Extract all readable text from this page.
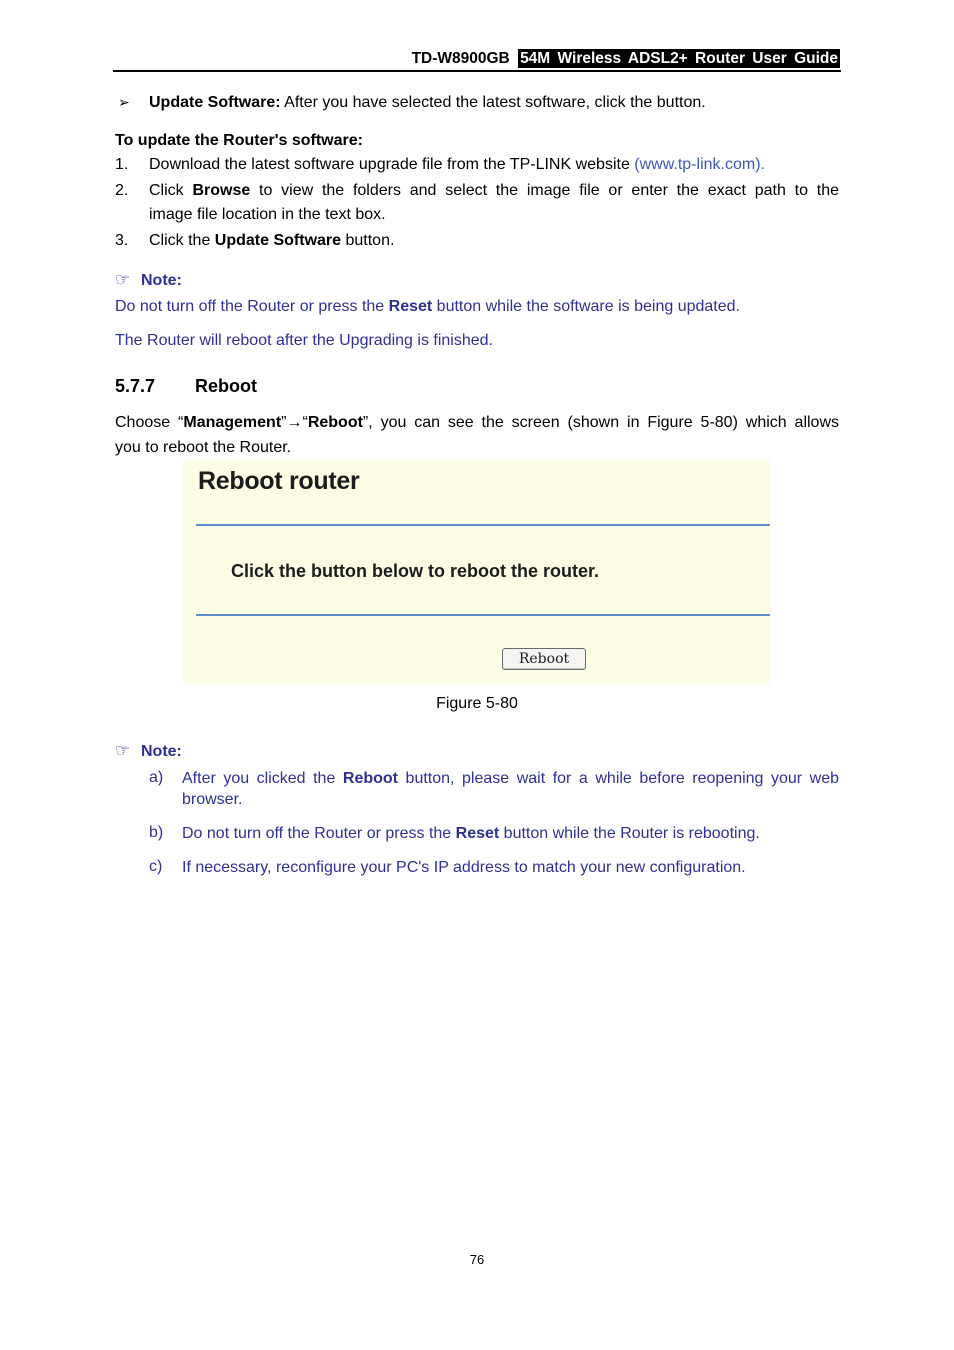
TD-W8900GB 54M Wireless ADSL2+ Router User Guide
➢ Update Software: After you have selected the latest software, click the button.
To update the Router's software:
1.	Download the latest software upgrade file from the TP-LINK website (www.tp-link.com).
2.	Click Browse to view the folders and select the image file or enter the exact path to the
image file location in the text box.
3.	Click the Update Software button.
☞ Note:
Do not turn off the Router or press the Reset button while the software is being updated.
The Router will reboot after the Upgrading is finished.
5.7.7 Reboot
Choose “Management”→“Reboot”, you can see the screen (shown in Figure 5-80) which allows
you to reboot the Router.
Reboot router
Click the button below to reboot the router.
Reboot
Figure 5-80
☞ Note:
a) After you clicked the Reboot button, please wait for a while before reopening your web
browser.
b) Do not turn off the Router or press the Reset button while the Router is rebooting.
c) If necessary, reconfigure your PC's IP address to match your new configuration.
76
